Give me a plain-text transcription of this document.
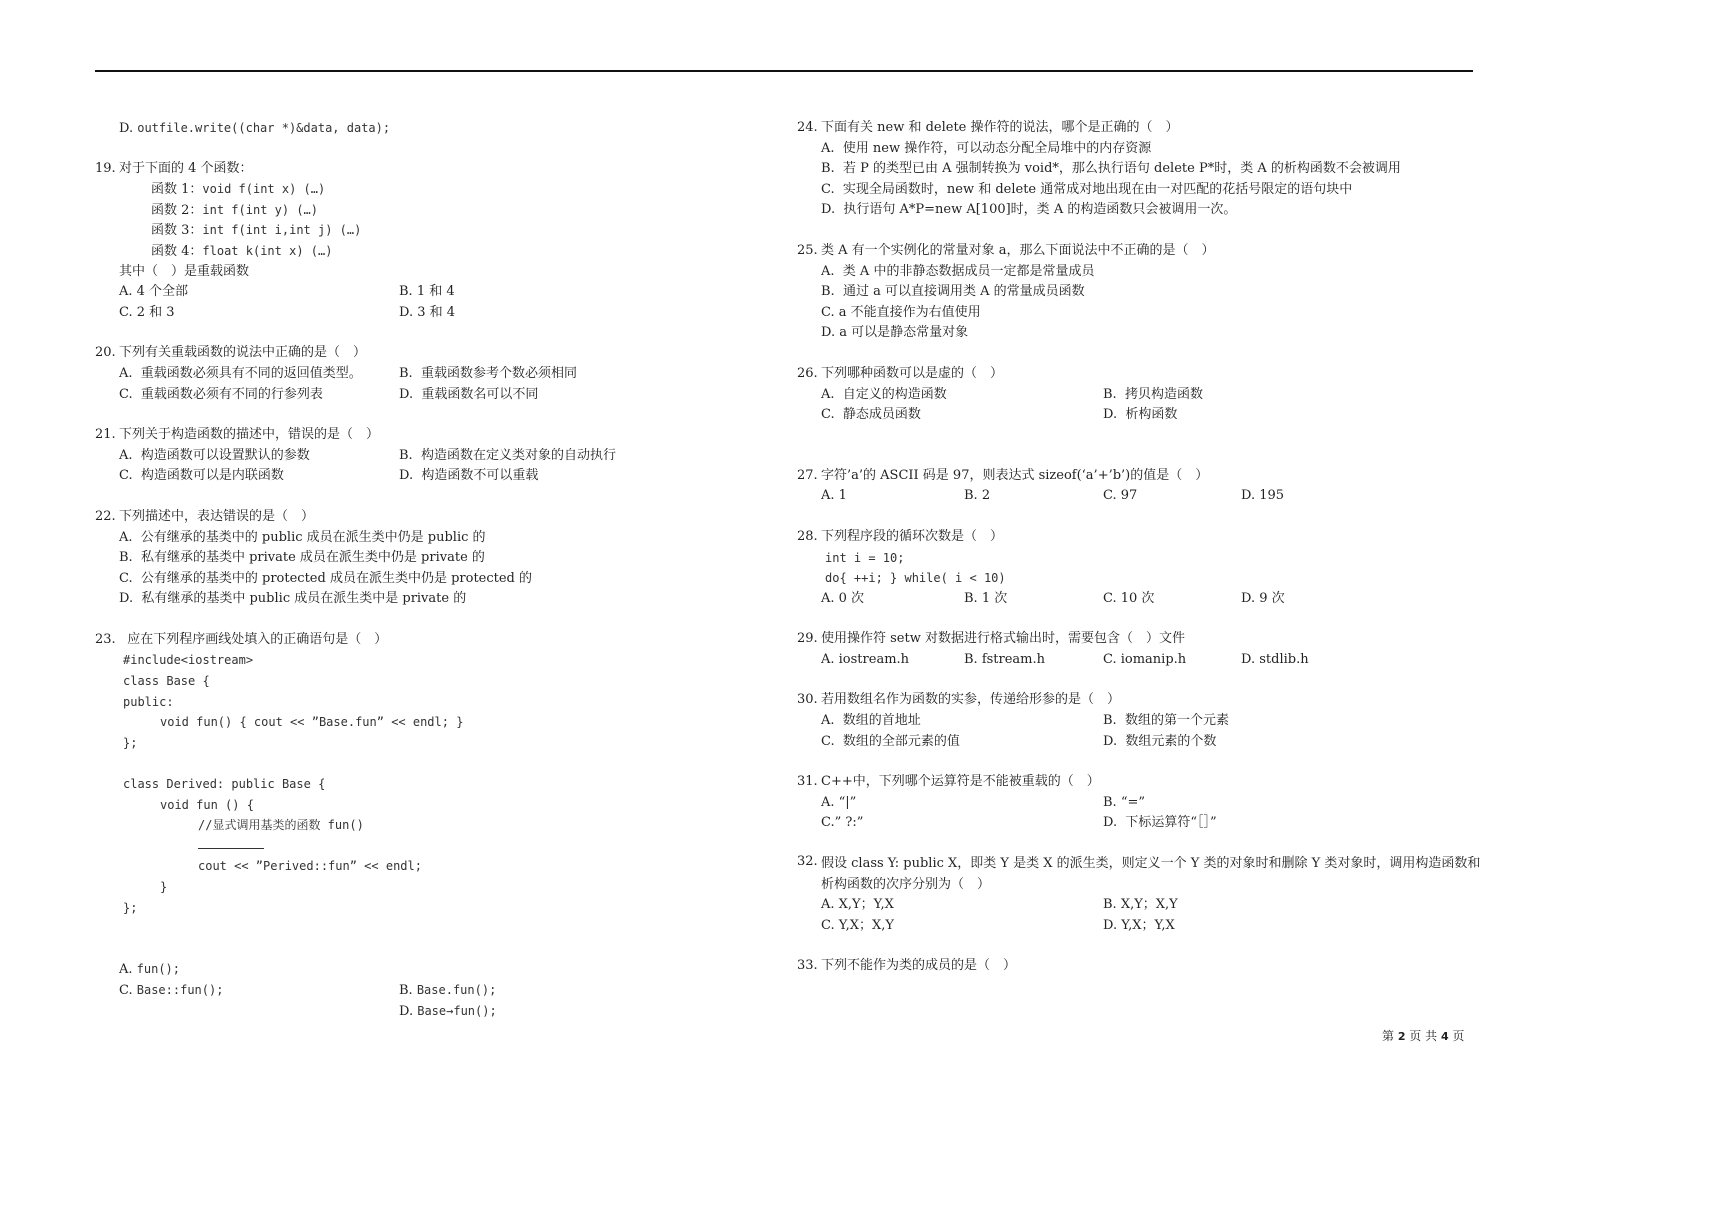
D. outfile.write((char *)&data, data);
19. 对于下面的 4 个函数：
函数 1：void f(int x) (…)
函数 2：int f(int y) (…)
函数 3：int f(int i,int j) (…)
函数 4：float k(int x) (…)
其中（　）是重载函数
A. 4 个全部	B. 1 和 4
C. 2 和 3	D. 3 和 4
20. 下列有关重载函数的说法中正确的是（　）
A.  重载函数必须具有不同的返回值类型。	B.  重载函数参考个数必须相同
C.  重载函数必须有不同的行参列表	D.  重载函数名可以不同
21. 下列关于构造函数的描述中，错误的是（　）
A.  构造函数可以设置默认的参数	B.  构造函数在定义类对象的自动执行
C.  构造函数可以是内联函数	D.  构造函数不可以重载
22. 下列描述中，表达错误的是（　）
A.  公有继承的基类中的 public 成员在派生类中仍是 public 的
B.  私有继承的基类中 private 成员在派生类中仍是 private 的
C.  公有继承的基类中的 protected 成员在派生类中仍是 protected 的
D.  私有继承的基类中 public 成员在派生类中是 private 的
23. 应在下列程序画线处填入的正确语句是（　）
#include<iostream>
class Base {
public:
void fun() { cout << ”Base.fun” << endl; }
};
class Derived: public Base {
void fun () {
//显式调用基类的函数 fun()
cout << ”Perived::fun” << endl;
}
};

A. fun();

B. Base.fun();

C. Base::fun();

D. Base→fun();

24. 下面有关 new 和 delete 操作符的说法，哪个是正确的（　）
A.  使用 new 操作符，可以动态分配全局堆中的内存资源
B.  若 P 的类型已由 A 强制转换为 void*，那么执行语句 delete P*时，类 A 的析构函数不会被调用
C.  实现全局函数时，new 和 delete 通常成对地出现在由一对匹配的花括号限定的语句块中
D.  执行语句 A*P=new A[100]时，类 A 的构造函数只会被调用一次。
25. 类 A 有一个实例化的常量对象 a，那么下面说法中不正确的是（　）
A.  类 A 中的非静态数据成员一定都是常量成员
B.  通过 a 可以直接调用类 A 的常量成员函数
C. a 不能直接作为右值使用
D. a 可以是静态常量对象
26. 下列哪种函数可以是虚的（　）
A.  自定义的构造函数	B.  拷贝构造函数
C.  静态成员函数	D.  析构函数
27. 字符’a’的 ASCII 码是 97，则表达式 sizeof(‘a’+’b’)的值是（　）
A. 1	B. 2	C. 97	D. 195
28. 下列程序段的循环次数是（　）
int i = 10;
do{ ++i; } while( i < 10)
A. 0 次	B. 1 次	C. 10 次	D. 9 次
29. 使用操作符 setw 对数据进行格式输出时，需要包含（　）文件
A. iostream.h	B. fstream.h	C. iomanip.h	D. stdlib.h
30. 若用数组名作为函数的实参，传递给形参的是（　）
A.  数组的首地址	B.  数组的第一个元素
C.  数组的全部元素的值	D.  数组元素的个数
31. C++中，下列哪个运算符是不能被重载的（　）
A. “|”	B. “=”
C.” ?:”	D.  下标运算符“［］”
32. 假设 class Y: public X，即类 Y 是类 X 的派生类，则定义一个 Y 类的对象时和删除 Y 类对象时，调用构造函数和析构函数的次序分别为（　）
A. X,Y；Y,X	B. X,Y；X,Y
C. Y,X；X,Y	D. Y,X；Y,X
33. 下列不能作为类的成员的是（　）
第 2 页 共 4 页
